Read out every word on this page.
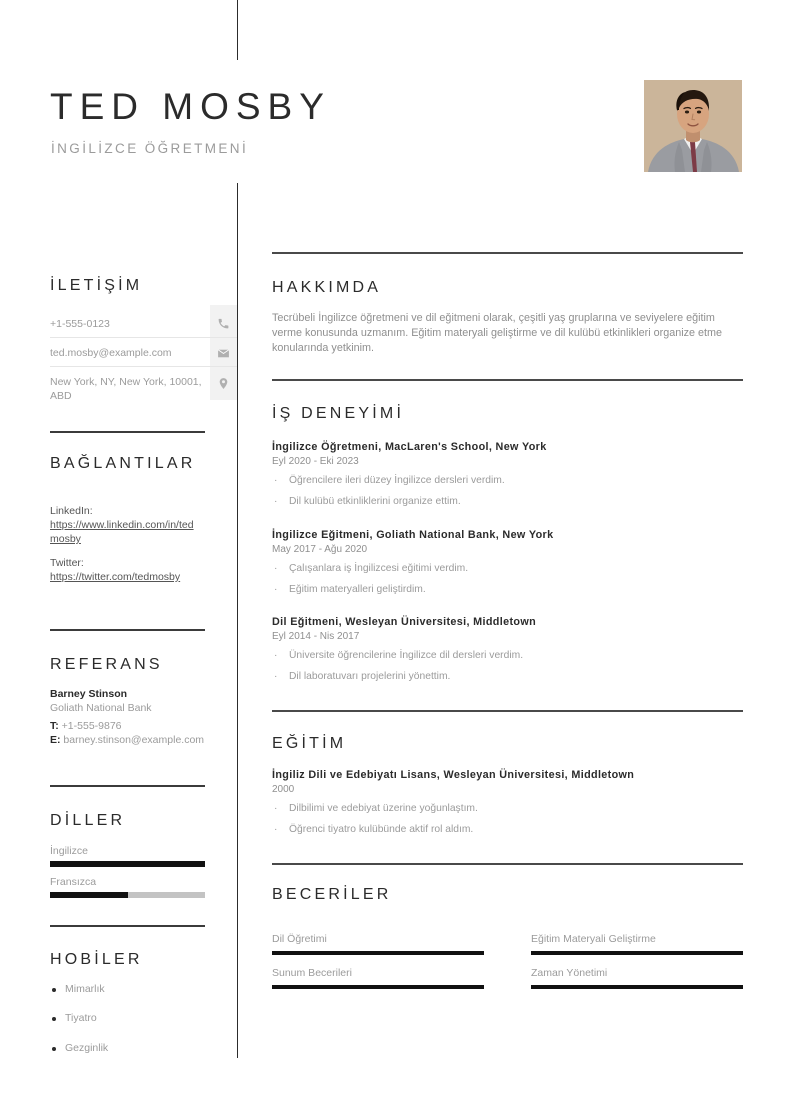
TED MOSBY
İNGİLİZCE ÖĞRETMENİ
İLETİŞİM
+1-555-0123
ted.mosby@example.com
New York, NY, New York, 10001, ABD
BAĞLANTILAR
LinkedIn:
https://www.linkedin.com/in/tedmosby
Twitter:
https://twitter.com/tedmosby
REFERANS
Barney Stinson
Goliath National Bank
T: +1-555-9876
E: barney.stinson@example.com
DİLLER
İngilizce
Fransızca
HOBİLER
Mimarlık
Tiyatro
Gezginlik
HAKKIMDA
Tecrübeli İngilizce öğretmeni ve dil eğitmeni olarak, çeşitli yaş gruplarına ve seviyelere eğitim verme konusunda uzmanım. Eğitim materyali geliştirme ve dil kulübü etkinlikleri organize etme konularında yetkinim.
İŞ DENEYİMİ
İngilizce Öğretmeni, MacLaren's School, New York
Eyl 2020 - Eki 2023
· Öğrencilere ileri düzey İngilizce dersleri verdim.
· Dil kulübü etkinliklerini organize ettim.
İngilizce Eğitmeni, Goliath National Bank, New York
May 2017 - Ağu 2020
· Çalışanlara iş İngilizcesi eğitimi verdim.
· Eğitim materyalleri geliştirdim.
Dil Eğitmeni, Wesleyan Üniversitesi, Middletown
Eyl 2014 - Nis 2017
· Üniversite öğrencilerine İngilizce dil dersleri verdim.
· Dil laboratuvarı projelerini yönettim.
EĞİTİM
İngiliz Dili ve Edebiyatı Lisans, Wesleyan Üniversitesi, Middletown
2000
· Dilbilimi ve edebiyat üzerine yoğunlaştım.
· Öğrenci tiyatro kulübünde aktif rol aldım.
BECERİLER
Dil Öğretimi	Eğitim Materyali Geliştirme
Sunum Becerileri	Zaman Yönetimi
